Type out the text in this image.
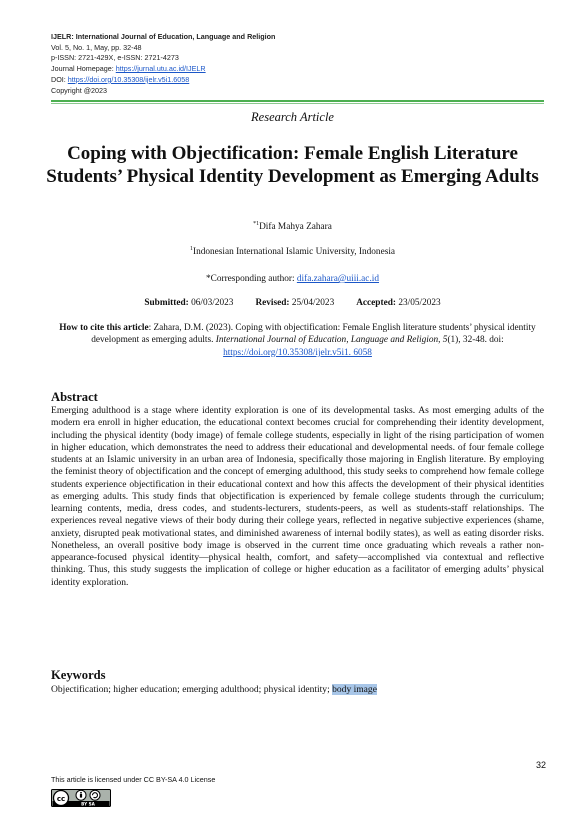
IJELR: International Journal of Education, Language and Religion
Vol. 5, No. 1, May, pp. 32-48
p-ISSN: 2721-429X, e-ISSN: 2721-4273
Journal Homepage: https://jurnal.utu.ac.id/IJELR
DOI: https://doi.org/10.35308/ijelr.v5i1.6058
Copyright @2023
Research Article
Coping with Objectification: Female English Literature Students’ Physical Identity Development as Emerging Adults
$^{*1}$Difa Mahya Zahara
$^1$Indonesian International Islamic University, Indonesia
*Corresponding author: difa.zahara@uiii.ac.id
Submitted: 06/03/2023 Revised: 25/04/2023 Accepted: 23/05/2023
How to cite this article: Zahara, D.M. (2023). Coping with objectification: Female English literature students’ physical identity development as emerging adults. International Journal of Education, Language and Religion, 5(1), 32-48. doi: https://doi.org/10.35308/ijelr.v5i1. 6058
Abstract
Emerging adulthood is a stage where identity exploration is one of its developmental tasks. As most emerging adults of the modern era enroll in higher education, the educational context becomes crucial for comprehending their identity development, including the physical identity (body image) of female college students, especially in light of the rising participation of women in higher education, which demonstrates the need to address their educational and developmental needs. of four female college students at an Islamic university in an urban area of Indonesia, specifically those majoring in English literature. By employing the feminist theory of objectification and the concept of emerging adulthood, this study seeks to comprehend how female college students experience objectification in their educational context and how this affects the development of their physical identities as emerging adults. This study finds that objectification is experienced by female college students through the curriculum; learning contents, media, dress codes, and students-lecturers, students-peers, as well as students-staff relationships. The experiences reveal negative views of their body during their college years, reflected in negative subjective experiences (shame, anxiety, disrupted peak motivational states, and diminished awareness of internal bodily states), as well as eating disorder risks. Nonetheless, an overall positive body image is observed in the current time once graduating which reveals a rather non-appearance-focused physical identity—physical health, comfort, and safety—accomplished via contextual and reflective thinking. Thus, this study suggests the implication of college or higher education as a facilitator of emerging adults’ physical identity exploration.
Keywords
Objectification; higher education; emerging adulthood; physical identity; body image
32
This article is licensed under CC BY-SA 4.0 License
cc
BY SA
